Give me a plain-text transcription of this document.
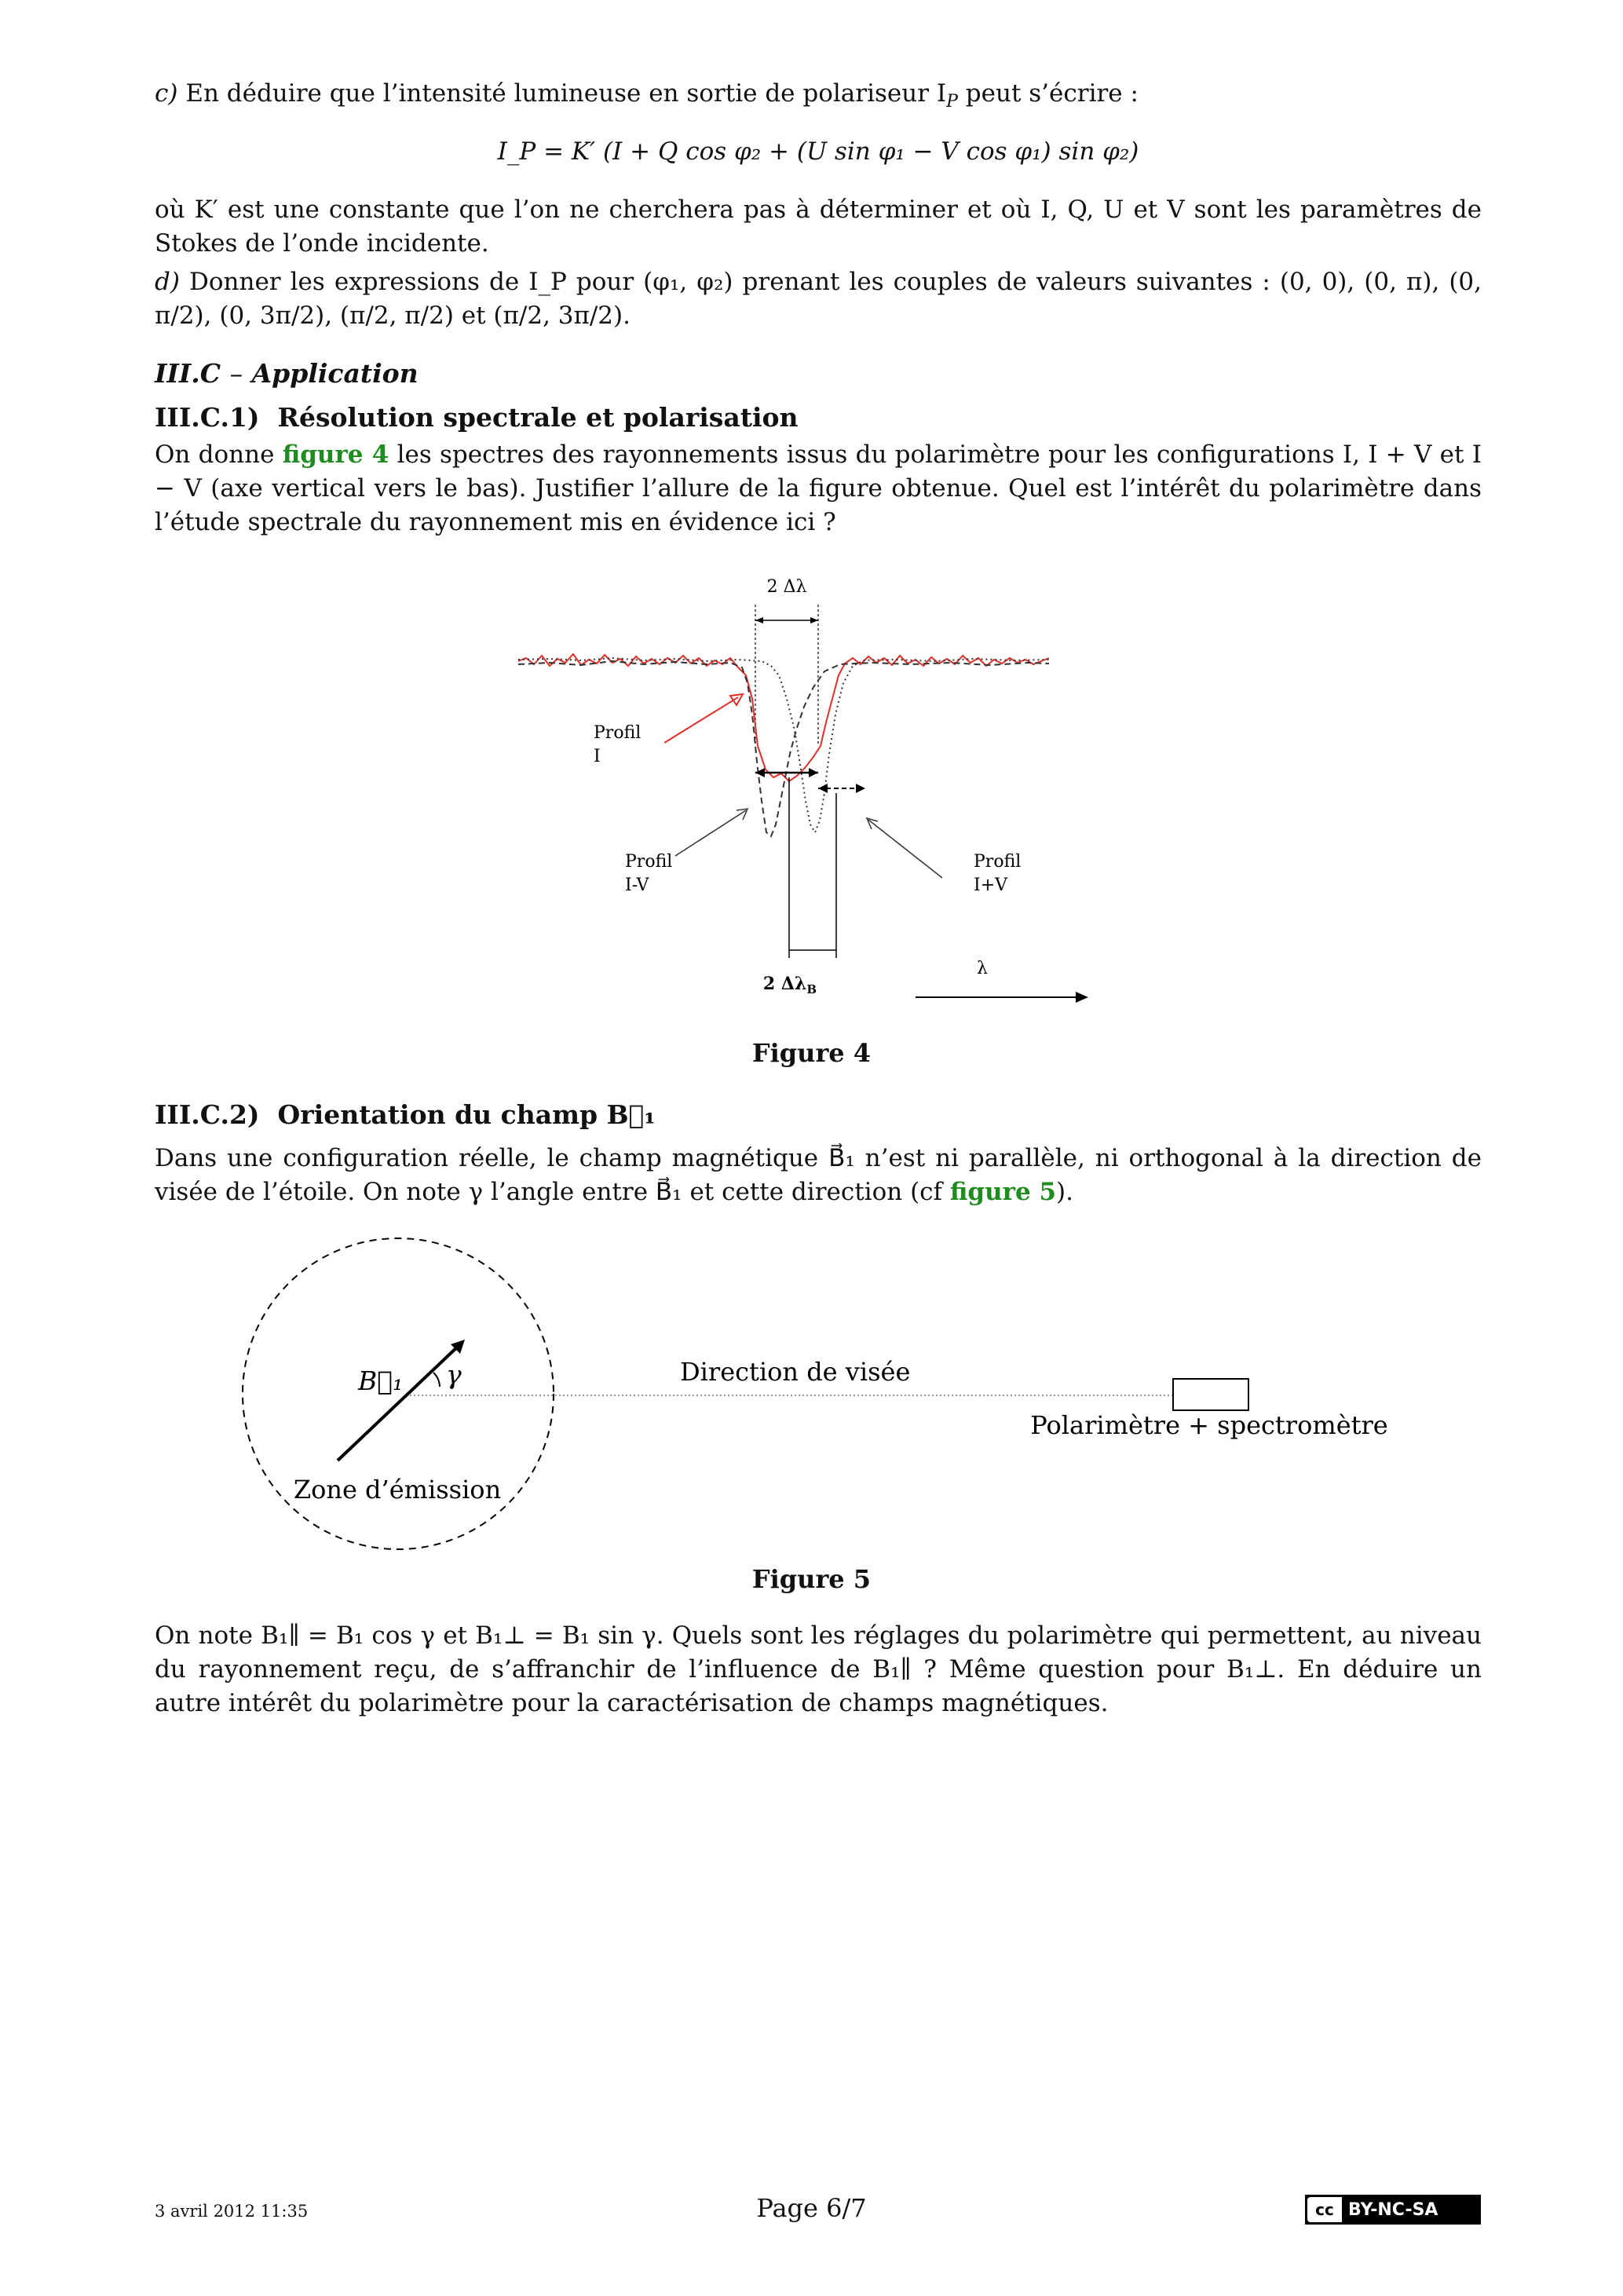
c) En déduire que l’intensité lumineuse en sortie de polariseur $I_P$ peut s’écrire :
I_P = K′ (I + Q cos φ₂ + (U sin φ₁ − V cos φ₁) sin φ₂)
où K′ est une constante que l’on ne cherchera pas à déterminer et où I, Q, U et V sont les paramètres de Stokes de l’onde incidente.
d) Donner les expressions de I_P pour (φ₁, φ₂) prenant les couples de valeurs suivantes : (0, 0), (0, π), (0, π/2), (0, 3π/2), (π/2, π/2) et (π/2, 3π/2).
III.C – Application
III.C.1) Résolution spectrale et polarisation
On donne figure 4 les spectres des rayonnements issus du polarimètre pour les configurations I, I + V et I − V (axe vertical vers le bas). Justifier l’allure de la figure obtenue. Quel est l’intérêt du polarimètre dans l’étude spectrale du rayonnement mis en évidence ici ?
2 Δλ
2 $\Delta\lambda_B$
Profil
I
Profil
I-V
Profil
I+V
λ
Figure 4
III.C.2) Orientation du champ B⃗₁
Dans une configuration réelle, le champ magnétique B⃗₁ n’est ni parallèle, ni orthogonal à la direction de visée de l’étoile. On note γ l’angle entre B⃗₁ et cette direction (cf figure 5).
B⃗₁ γ	Direction de visée
Polarimètre + spectromètre
Zone d’émission
Figure 5
On note B₁∥ = B₁ cos γ et B₁⊥ = B₁ sin γ. Quels sont les réglages du polarimètre qui permettent, au niveau du rayonnement reçu, de s’affranchir de l’influence de B₁∥ ? Même question pour B₁⊥. En déduire un autre intérêt du polarimètre pour la caractérisation de champs magnétiques.
3 avril 2012 11:35	Page 6/7	cc BY-NC-SA
